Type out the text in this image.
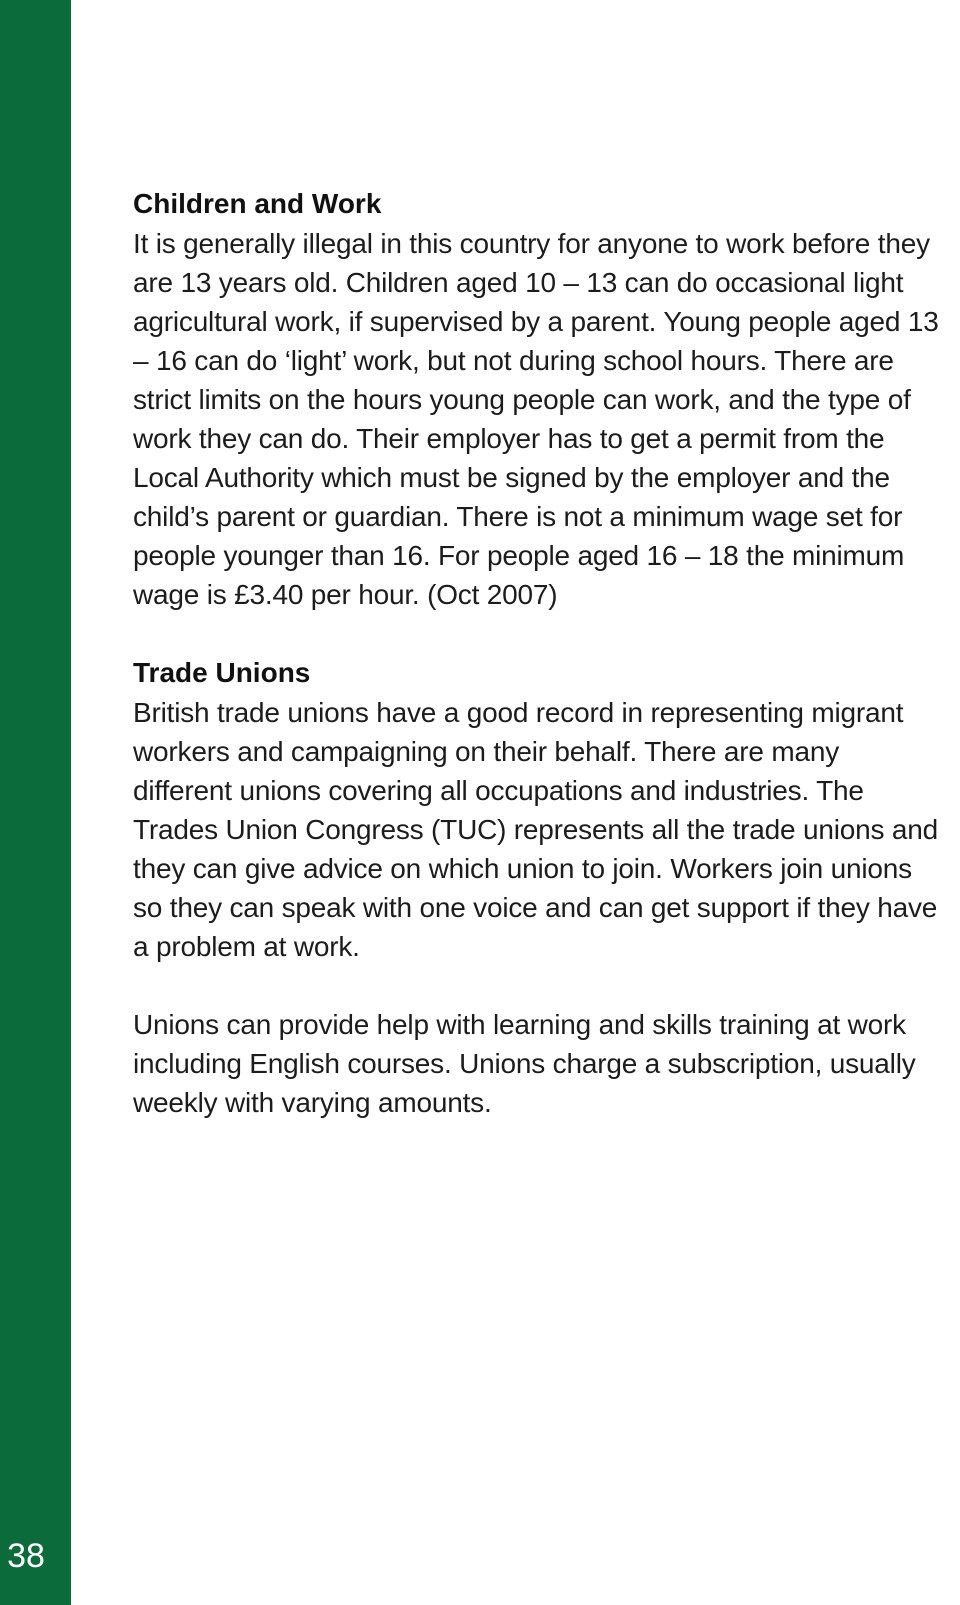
38
Children and Work

It is generally illegal in this country for anyone to work before they are 13 years old. Children aged 10 – 13 can do occasional light agricultural work, if supervised by a parent. Young people aged 13 – 16 can do ‘light’ work, but not during school hours. There are strict limits on the hours young people can work, and the type of work they can do. Their employer has to get a permit from the Local Authority which must be signed by the employer and the child’s parent or guardian. There is not a minimum wage set for people younger than 16. For people aged 16 – 18 the minimum wage is £3.40 per hour. (Oct 2007)

Trade Unions

British trade unions have a good record in representing migrant workers and campaigning on their behalf. There are many different unions covering all occupations and industries. The Trades Union Congress (TUC) represents all the trade unions and they can give advice on which union to join. Workers join unions so they can speak with one voice and can get support if they have a problem at work.

Unions can provide help with learning and skills training at work including English courses. Unions charge a subscription, usually weekly with varying amounts.
